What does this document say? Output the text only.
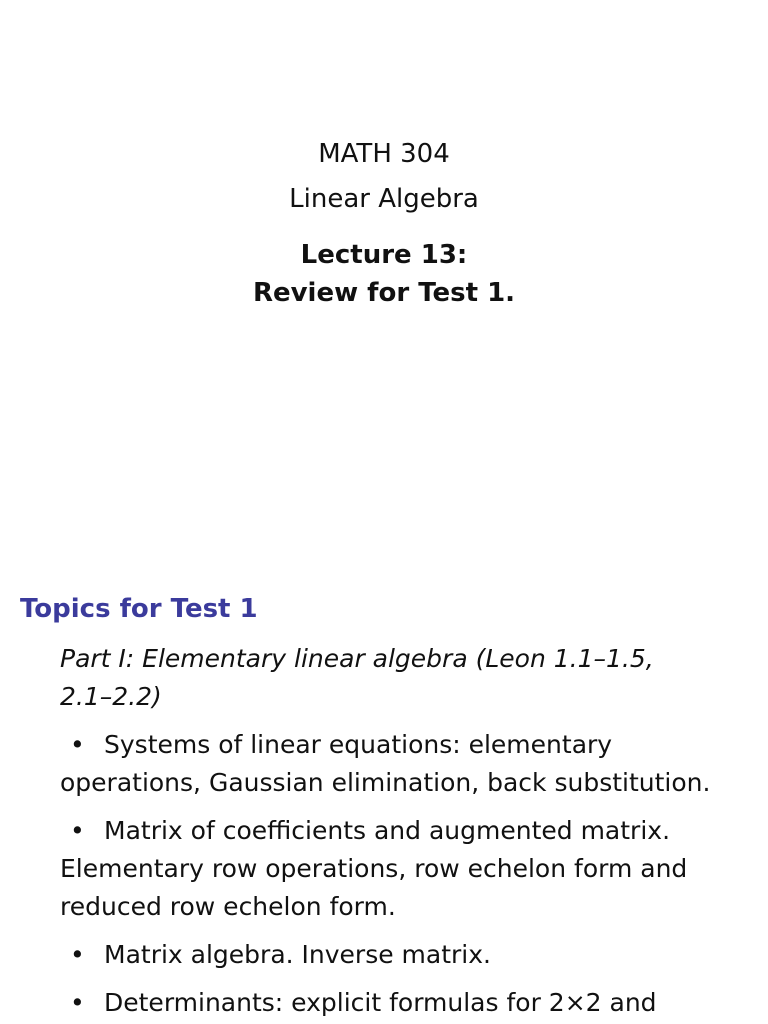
MATH 304
Linear Algebra
Lecture 13:
Review for Test 1.
Topics for Test 1
Part I: Elementary linear algebra (Leon 1.1–1.5, 2.1–2.2)
• Systems of linear equations: elementary operations, Gaussian elimination, back substitution.
• Matrix of coefficients and augmented matrix. Elementary row operations, row echelon form and reduced row echelon form.
• Matrix algebra. Inverse matrix.
• Determinants: explicit formulas for 2×2 and
